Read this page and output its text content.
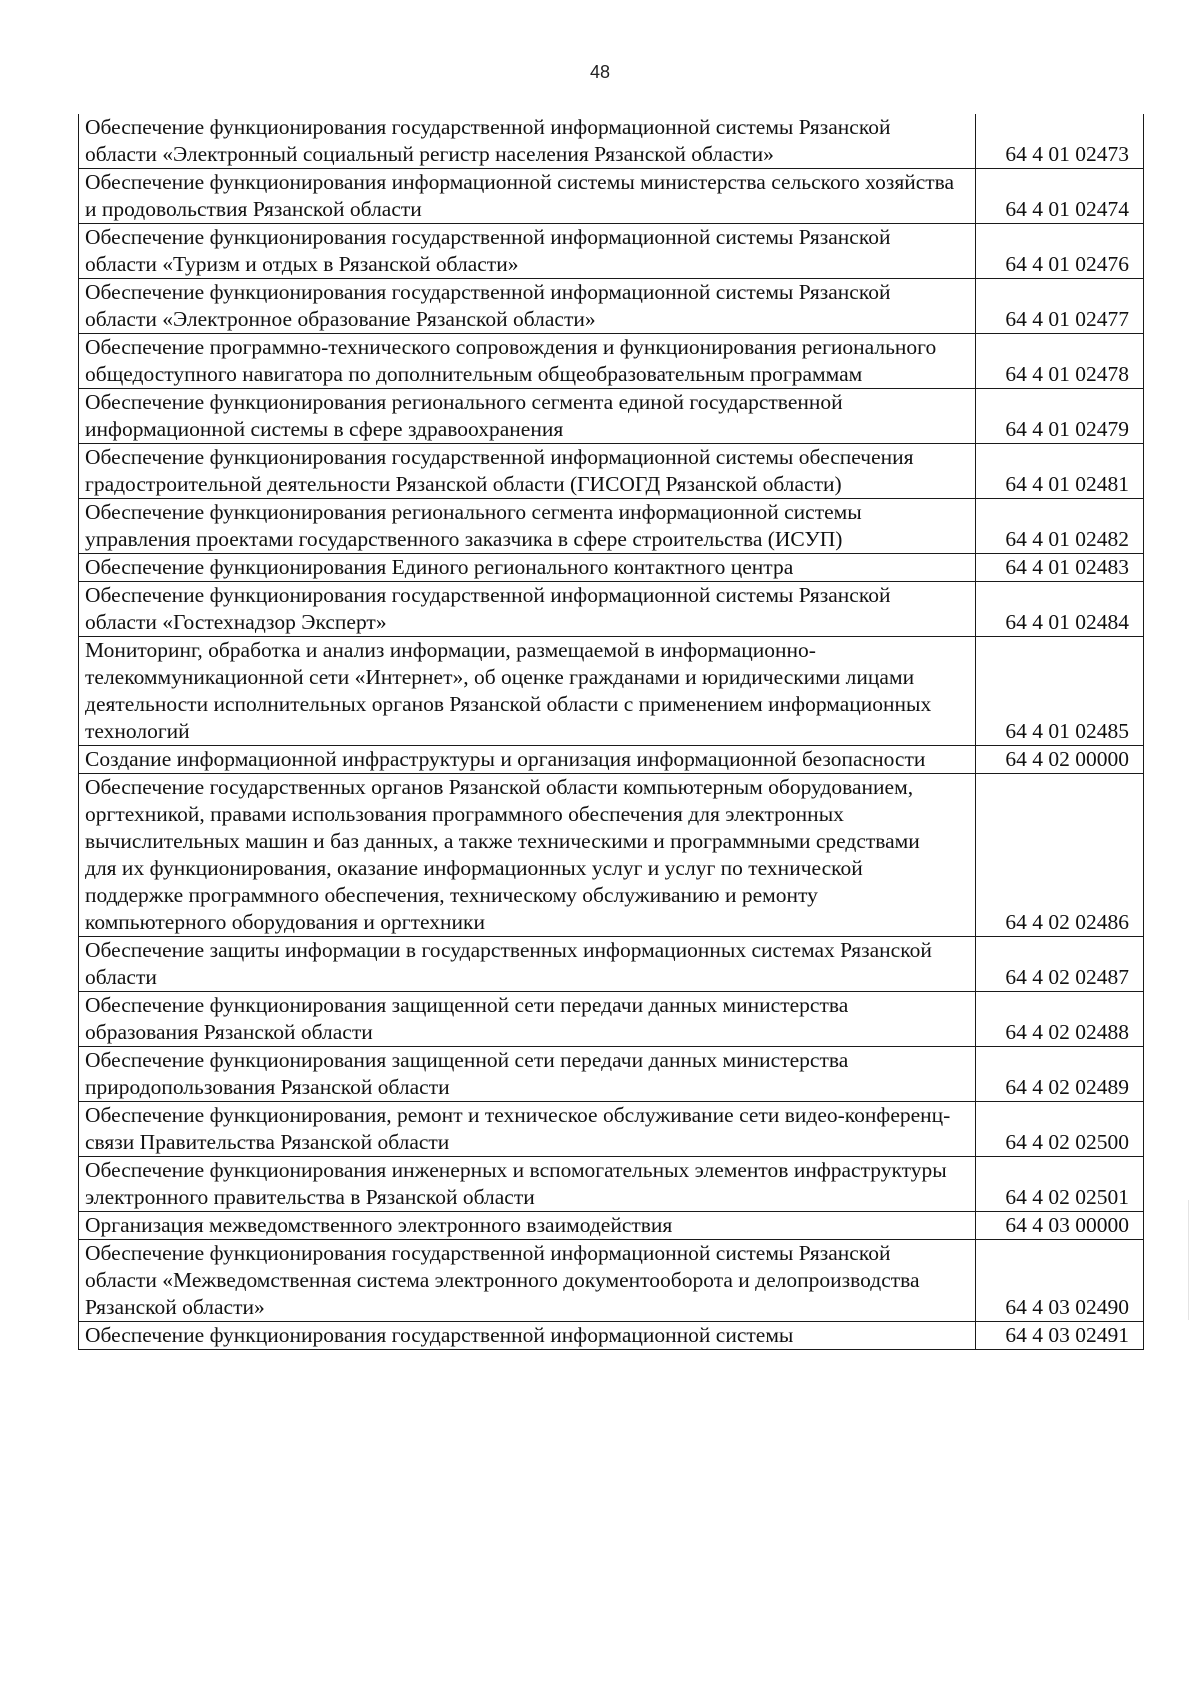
48
Обеспечение функционирования государственной информационной системы Рязанской области «Электронный социальный регистр населения Рязанской области»	64 4 01 02473
Обеспечение функционирования информационной системы министерства сельского хозяйства и продовольствия Рязанской области	64 4 01 02474
Обеспечение функционирования государственной информационной системы Рязанской области «Туризм и отдых в Рязанской области»	64 4 01 02476
Обеспечение функционирования государственной информационной системы Рязанской области «Электронное образование Рязанской области»	64 4 01 02477
Обеспечение программно-технического сопровождения и функционирования регионального общедоступного навигатора по дополнительным общеобразовательным программам	64 4 01 02478
Обеспечение функционирования регионального сегмента единой государственной информационной системы в сфере здравоохранения	64 4 01 02479
Обеспечение функционирования государственной информационной системы обеспечения градостроительной деятельности Рязанской области (ГИСОГД Рязанской области)	64 4 01 02481
Обеспечение функционирования регионального сегмента информационной системы управления проектами государственного заказчика в сфере строительства (ИСУП)	64 4 01 02482
Обеспечение функционирования Единого регионального контактного центра	64 4 01 02483
Обеспечение функционирования государственной информационной системы Рязанской области «Гостехнадзор Эксперт»	64 4 01 02484
Мониторинг, обработка и анализ информации, размещаемой в информационно-телекоммуникационной сети «Интернет», об оценке гражданами и юридическими лицами деятельности исполнительных органов Рязанской области с применением информационных технологий	64 4 01 02485
Создание информационной инфраструктуры и организация информационной безопасности	64 4 02 00000
Обеспечение государственных органов Рязанской области компьютерным оборудованием, оргтехникой, правами использования программного обеспечения для электронных вычислительных машин и баз данных, а также техническими и программными средствами для их функционирования, оказание информационных услуг и услуг по технической поддержке программного обеспечения, техническому обслуживанию и ремонту компьютерного оборудования и оргтехники	64 4 02 02486
Обеспечение защиты информации в государственных информационных системах Рязанской области	64 4 02 02487
Обеспечение функционирования защищенной сети передачи данных министерства образования Рязанской области	64 4 02 02488
Обеспечение функционирования защищенной сети передачи данных министерства природопользования Рязанской области	64 4 02 02489
Обеспечение функционирования, ремонт и техническое обслуживание сети видео-конференц-связи Правительства Рязанской области	64 4 02 02500
Обеспечение функционирования инженерных и вспомогательных элементов инфраструктуры электронного правительства в Рязанской области	64 4 02 02501
Организация межведомственного электронного взаимодействия	64 4 03 00000
Обеспечение функционирования государственной информационной системы Рязанской области «Межведомственная система электронного документооборота и делопроизводства Рязанской области»	64 4 03 02490
Обеспечение функционирования государственной информационной системы	64 4 03 02491
